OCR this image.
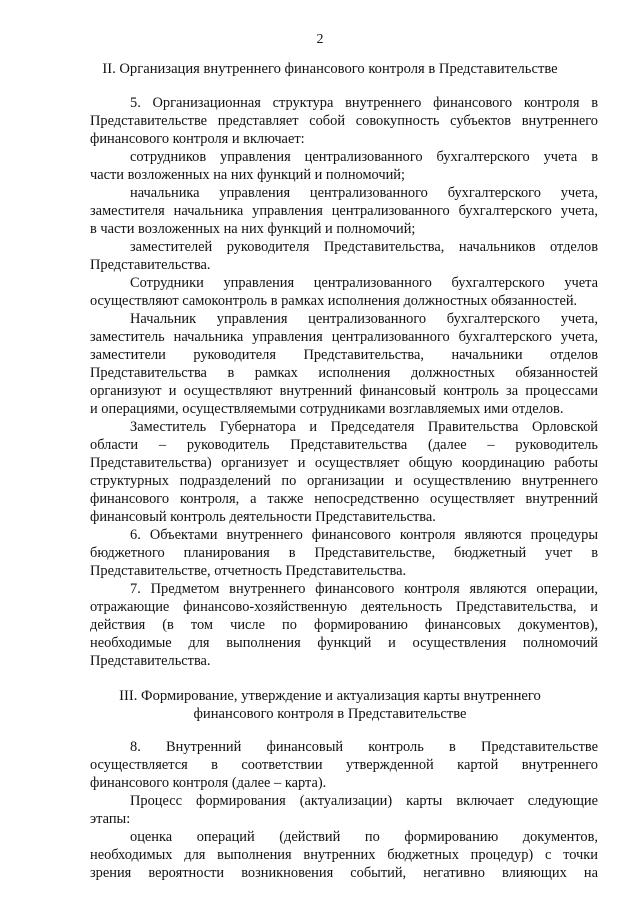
2
II. Организация внутреннего финансового контроля в Представительстве
5. Организационная структура внутреннего финансового контроля в
Представительстве представляет собой совокупность субъектов внутреннего
финансового контроля и включает:
сотрудников управления централизованного бухгалтерского учета в
части возложенных на них функций и полномочий;
начальника управления централизованного бухгалтерского учета,
заместителя начальника управления централизованного бухгалтерского учета,
в части возложенных на них функций и полномочий;
заместителей руководителя Представительства, начальников отделов
Представительства.
Сотрудники управления централизованного бухгалтерского учета
осуществляют самоконтроль в рамках исполнения должностных обязанностей.
Начальник управления централизованного бухгалтерского учета,
заместитель начальника управления централизованного бухгалтерского учета,
заместители руководителя Представительства, начальники отделов
Представительства в рамках исполнения должностных обязанностей
организуют и осуществляют внутренний финансовый контроль за процессами
и операциями, осуществляемыми сотрудниками возглавляемых ими отделов.
Заместитель Губернатора и Председателя Правительства Орловской
области – руководитель Представительства (далее – руководитель
Представительства) организует и осуществляет общую координацию работы
структурных подразделений по организации и осуществлению внутреннего
финансового контроля, а также непосредственно осуществляет внутренний
финансовый контроль деятельности Представительства.
6. Объектами внутреннего финансового контроля являются процедуры
бюджетного планирования в Представительстве, бюджетный учет в
Представительстве, отчетность Представительства.
7. Предметом внутреннего финансового контроля являются операции,
отражающие финансово-хозяйственную деятельность Представительства, и
действия (в том числе по формированию финансовых документов),
необходимые для выполнения функций и осуществления полномочий
Представительства.
III. Формирование, утверждение и актуализация карты внутреннего
финансового контроля в Представительстве
8. Внутренний финансовый контроль в Представительстве
осуществляется в соответствии утвержденной картой внутреннего
финансового контроля (далее – карта).
Процесс формирования (актуализации) карты включает следующие
этапы:
оценка операций (действий по формированию документов,
необходимых для выполнения внутренних бюджетных процедур) с точки
зрения вероятности возникновения событий, негативно влияющих на
